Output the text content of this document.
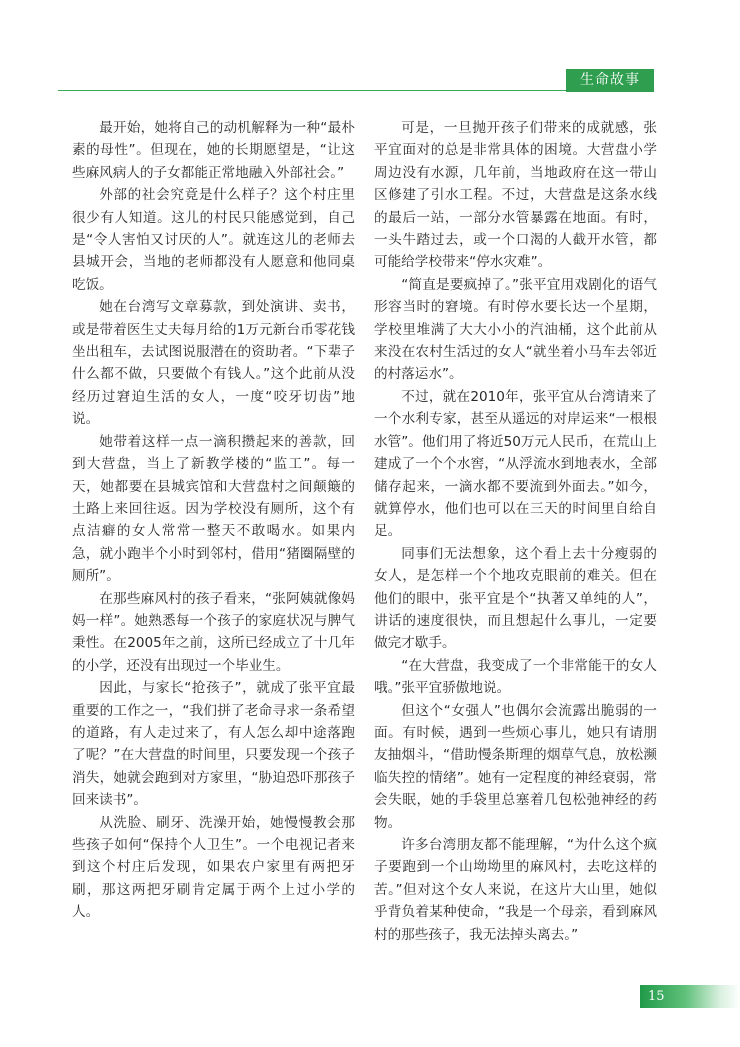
生命故事

最开始，她将自己的动机解释为一种“最朴素的母性”。但现在，她的长期愿望是，“让这些麻风病人的子女都能正常地融入外部社会。”

外部的社会究竟是什么样子？这个村庄里很少有人知道。这儿的村民只能感觉到，自己是“令人害怕又讨厌的人”。就连这儿的老师去县城开会，当地的老师都没有人愿意和他同桌吃饭。

她在台湾写文章募款，到处演讲、卖书，或是带着医生丈夫每月给的1万元新台币零花钱坐出租车，去试图说服潜在的资助者。“下辈子什么都不做，只要做个有钱人。”这个此前从没经历过窘迫生活的女人，一度“咬牙切齿”地说。

她带着这样一点一滴积攒起来的善款，回到大营盘，当上了新教学楼的“监工”。每一天，她都要在县城宾馆和大营盘村之间颠簸的土路上来回往返。因为学校没有厕所，这个有点洁癖的女人常常一整天不敢喝水。如果内急，就小跑半个小时到邻村，借用“猪圈隔壁的厕所”。

在那些麻风村的孩子看来，“张阿姨就像妈妈一样”。她熟悉每一个孩子的家庭状况与脾气秉性。在2005年之前，这所已经成立了十几年的小学，还没有出现过一个毕业生。

因此，与家长“抢孩子”，就成了张平宜最重要的工作之一，“我们拼了老命寻求一条希望的道路，有人走过来了，有人怎么却中途落跑了呢？”在大营盘的时间里，只要发现一个孩子消失，她就会跑到对方家里，“胁迫恐吓那孩子回来读书”。

从洗脸、刷牙、洗澡开始，她慢慢教会那些孩子如何“保持个人卫生”。一个电视记者来到这个村庄后发现，如果农户家里有两把牙刷，那这两把牙刷肯定属于两个上过小学的人。

可是，一旦抛开孩子们带来的成就感，张平宜面对的总是非常具体的困境。大营盘小学周边没有水源，几年前，当地政府在这一带山区修建了引水工程。不过，大营盘是这条水线的最后一站，一部分水管暴露在地面。有时，一头牛踏过去，或一个口渴的人截开水管，都可能给学校带来“停水灾难”。

“简直是要疯掉了。”张平宜用戏剧化的语气形容当时的窘境。有时停水要长达一个星期，学校里堆满了大大小小的汽油桶，这个此前从来没在农村生活过的女人“就坐着小马车去邻近的村落运水”。

不过，就在2010年，张平宜从台湾请来了一个水利专家，甚至从遥远的对岸运来“一根根水管”。他们用了将近50万元人民币，在荒山上建成了一个个水窖，“从浮流水到地表水，全部储存起来，一滴水都不要流到外面去。”如今，就算停水，他们也可以在三天的时间里自给自足。

同事们无法想象，这个看上去十分瘦弱的女人，是怎样一个个地攻克眼前的难关。但在他们的眼中，张平宜是个“执著又单纯的人”，讲话的速度很快，而且想起什么事儿，一定要做完才歇手。

“在大营盘，我变成了一个非常能干的女人哦。”张平宜骄傲地说。

但这个“女强人”也偶尔会流露出脆弱的一面。有时候，遇到一些烦心事儿，她只有请朋友抽烟斗，“借助慢条斯理的烟草气息，放松濒临失控的情绪”。她有一定程度的神经衰弱，常会失眠，她的手袋里总塞着几包松弛神经的药物。

许多台湾朋友都不能理解，“为什么这个疯子要跑到一个山坳坳里的麻风村，去吃这样的苦。”但对这个女人来说，在这片大山里，她似乎背负着某种使命，“我是一个母亲，看到麻风村的那些孩子，我无法掉头离去。”

15
